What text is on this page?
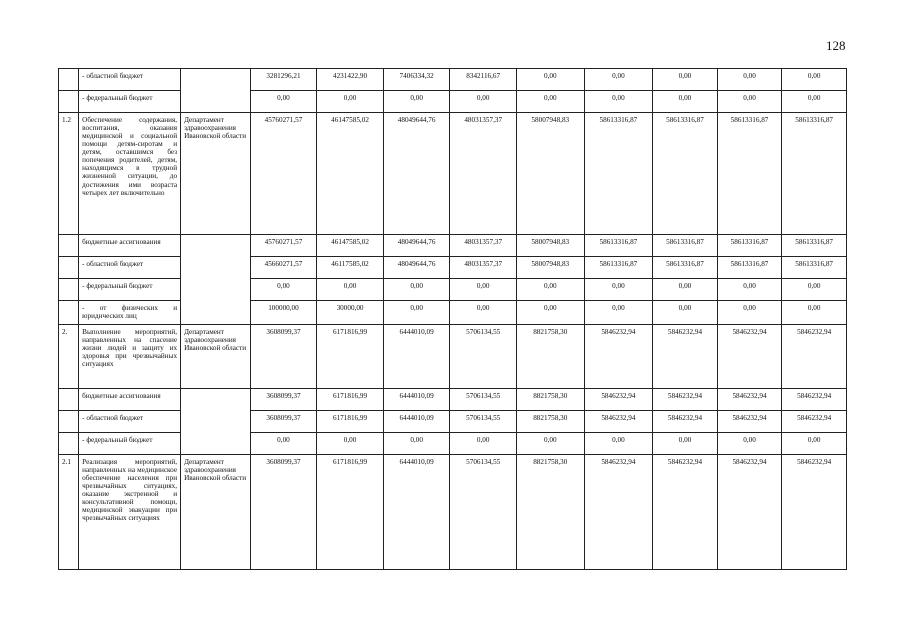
128
	- областной бюджет		3281296,21	4231422,90	7406334,32	8342116,67	0,00	0,00	0,00	0,00	0,00
	- федеральный бюджет		0,00	0,00	0,00	0,00	0,00	0,00	0,00	0,00	0,00
1.2	Обеспечение содержания, воспитания, оказания медицинской и социальной помощи детям-сиротам и детям, оставшимся без попечения родителей, детям, находящимся в трудной жизненной ситуации, до достижения ими возраста четырех лет включительно	Департамент здравоохранения Ивановской области	45760271,57	46147585,02	48049644,76	48031357,37	58007948,83	58613316,87	58613316,87	58613316,87	58613316,87
	бюджетные ассигнования		45760271,57	46147585,02	48049644,76	48031357,37	58007948,83	58613316,87	58613316,87	58613316,87	58613316,87
	- областной бюджет		45660271,57	46117585,02	48049644,76	48031357,37	58007948,83	58613316,87	58613316,87	58613316,87	58613316,87
	- федеральный бюджет		0,00	0,00	0,00	0,00	0,00	0,00	0,00	0,00	0,00
	- от физических и юридических лиц		100000,00	30000,00	0,00	0,00	0,00	0,00	0,00	0,00	0,00
2.	Выполнение мероприятий, направленных на спасение жизни людей и защиту их здоровья при чрезвычайных ситуациях	Департамент здравоохранения Ивановской области	3608099,37	6171816,99	6444010,09	5706134,55	8821758,30	5846232,94	5846232,94	5846232,94	5846232,94
	бюджетные ассигнования		3608099,37	6171816,99	6444010,09	5706134,55	8821758,30	5846232,94	5846232,94	5846232,94	5846232,94
	- областной бюджет		3608099,37	6171816,99	6444010,09	5706134,55	8821758,30	5846232,94	5846232,94	5846232,94	5846232,94
	- федеральный бюджет		0,00	0,00	0,00	0,00	0,00	0,00	0,00	0,00	0,00
2.1	Реализация мероприятий, направленных на медицинское обеспечение населения при чрезвычайных ситуациях, оказание экстренной и консультативной помощи, медицинской эвакуации при чрезвычайных ситуациях	Департамент здравоохранения Ивановской области	3608099,37	6171816,99	6444010,09	5706134,55	8821758,30	5846232,94	5846232,94	5846232,94	5846232,94
